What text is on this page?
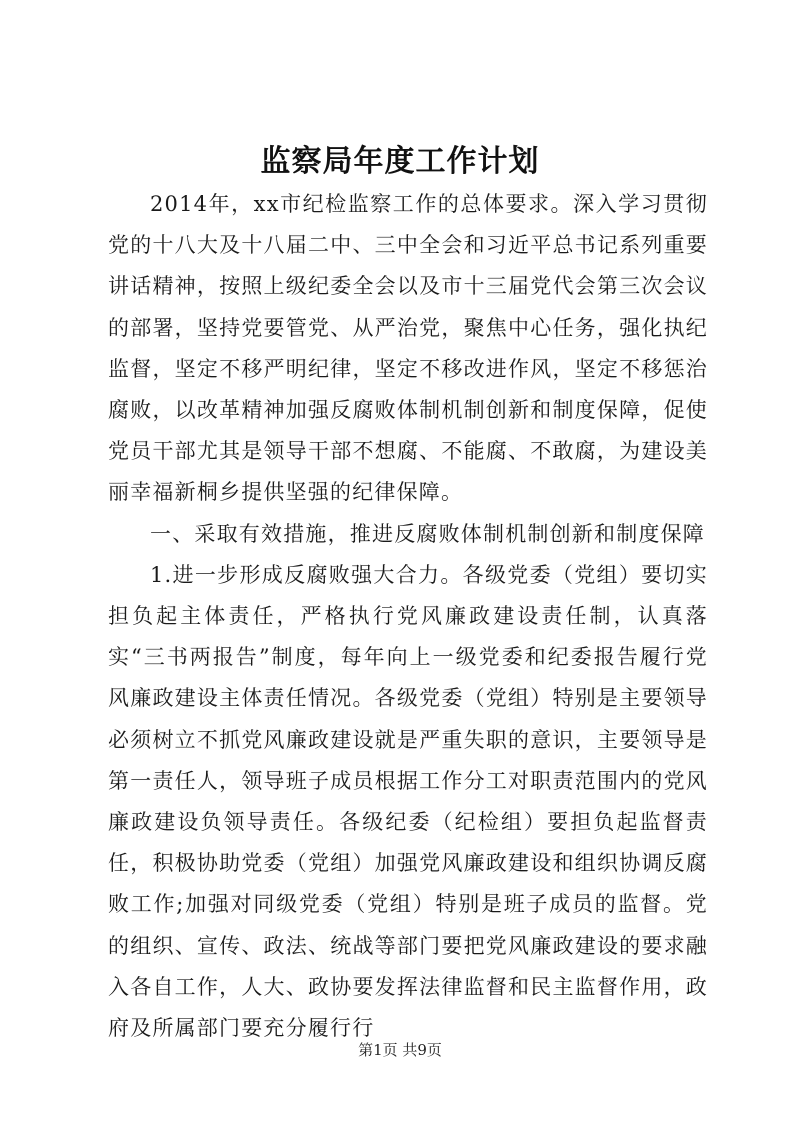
监察局年度工作计划

2014年，xx市纪检监察工作的总体要求。深入学习贯彻党的十八大及十八届二中、三中全会和习近平总书记系列重要讲话精神，按照上级纪委全会以及市十三届党代会第三次会议的部署，坚持党要管党、从严治党，聚焦中心任务，强化执纪监督，坚定不移严明纪律，坚定不移改进作风，坚定不移惩治腐败，以改革精神加强反腐败体制机制创新和制度保障，促使党员干部尤其是领导干部不想腐、不能腐、不敢腐，为建设美丽幸福新桐乡提供坚强的纪律保障。

一、采取有效措施，推进反腐败体制机制创新和制度保障

1.进一步形成反腐败强大合力。各级党委（党组）要切实担负起主体责任，严格执行党风廉政建设责任制，认真落实“三书两报告”制度，每年向上一级党委和纪委报告履行党风廉政建设主体责任情况。各级党委（党组）特别是主要领导必须树立不抓党风廉政建设就是严重失职的意识，主要领导是第一责任人，领导班子成员根据工作分工对职责范围内的党风廉政建设负领导责任。各级纪委（纪检组）要担负起监督责任，积极协助党委（党组）加强党风廉政建设和组织协调反腐败工作;加强对同级党委（党组）特别是班子成员的监督。党的组织、宣传、政法、统战等部门要把党风廉政建设的要求融入各自工作，人大、政协要发挥法律监督和民主监督作用，政府及所属部门要充分履行行

第1页 共9页
